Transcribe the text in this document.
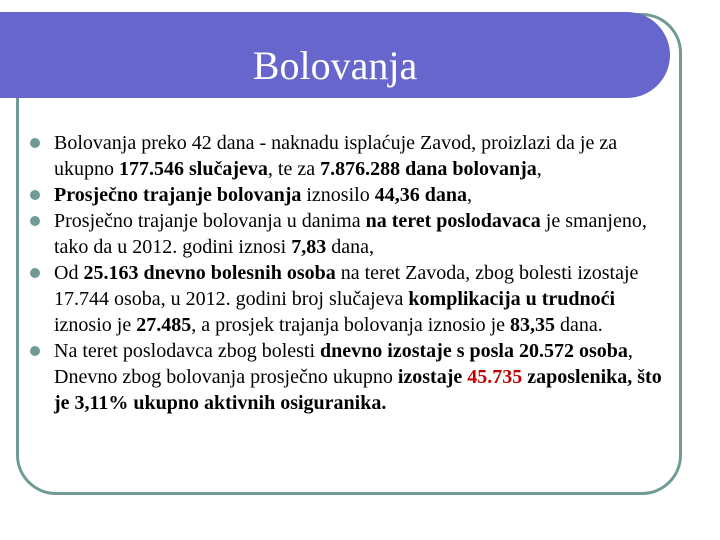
Bolovanja

Bolovanja preko 42 dana - naknadu isplaćuje Zavod, proizlazi da je za ukupno 177.546 slučajeva, te za 7.876.288 dana bolovanja,

Prosječno trajanje bolovanja iznosilo 44,36 dana,

Prosječno trajanje bolovanja u danima na teret poslodavaca je smanjeno, tako da u 2012. godini iznosi 7,83 dana,

Od 25.163 dnevno bolesnih osoba na teret Zavoda, zbog bolesti izostaje 17.744 osoba, u 2012. godini broj slučajeva komplikacija u trudnoći iznosio je 27.485, a prosjek trajanja bolovanja iznosio je 83,35 dana.

Na teret poslodavca zbog bolesti dnevno izostaje s posla 20.572 osoba, Dnevno zbog bolovanja prosječno ukupno izostaje 45.735 zaposlenika, što je 3,11% ukupno aktivnih osiguranika.
